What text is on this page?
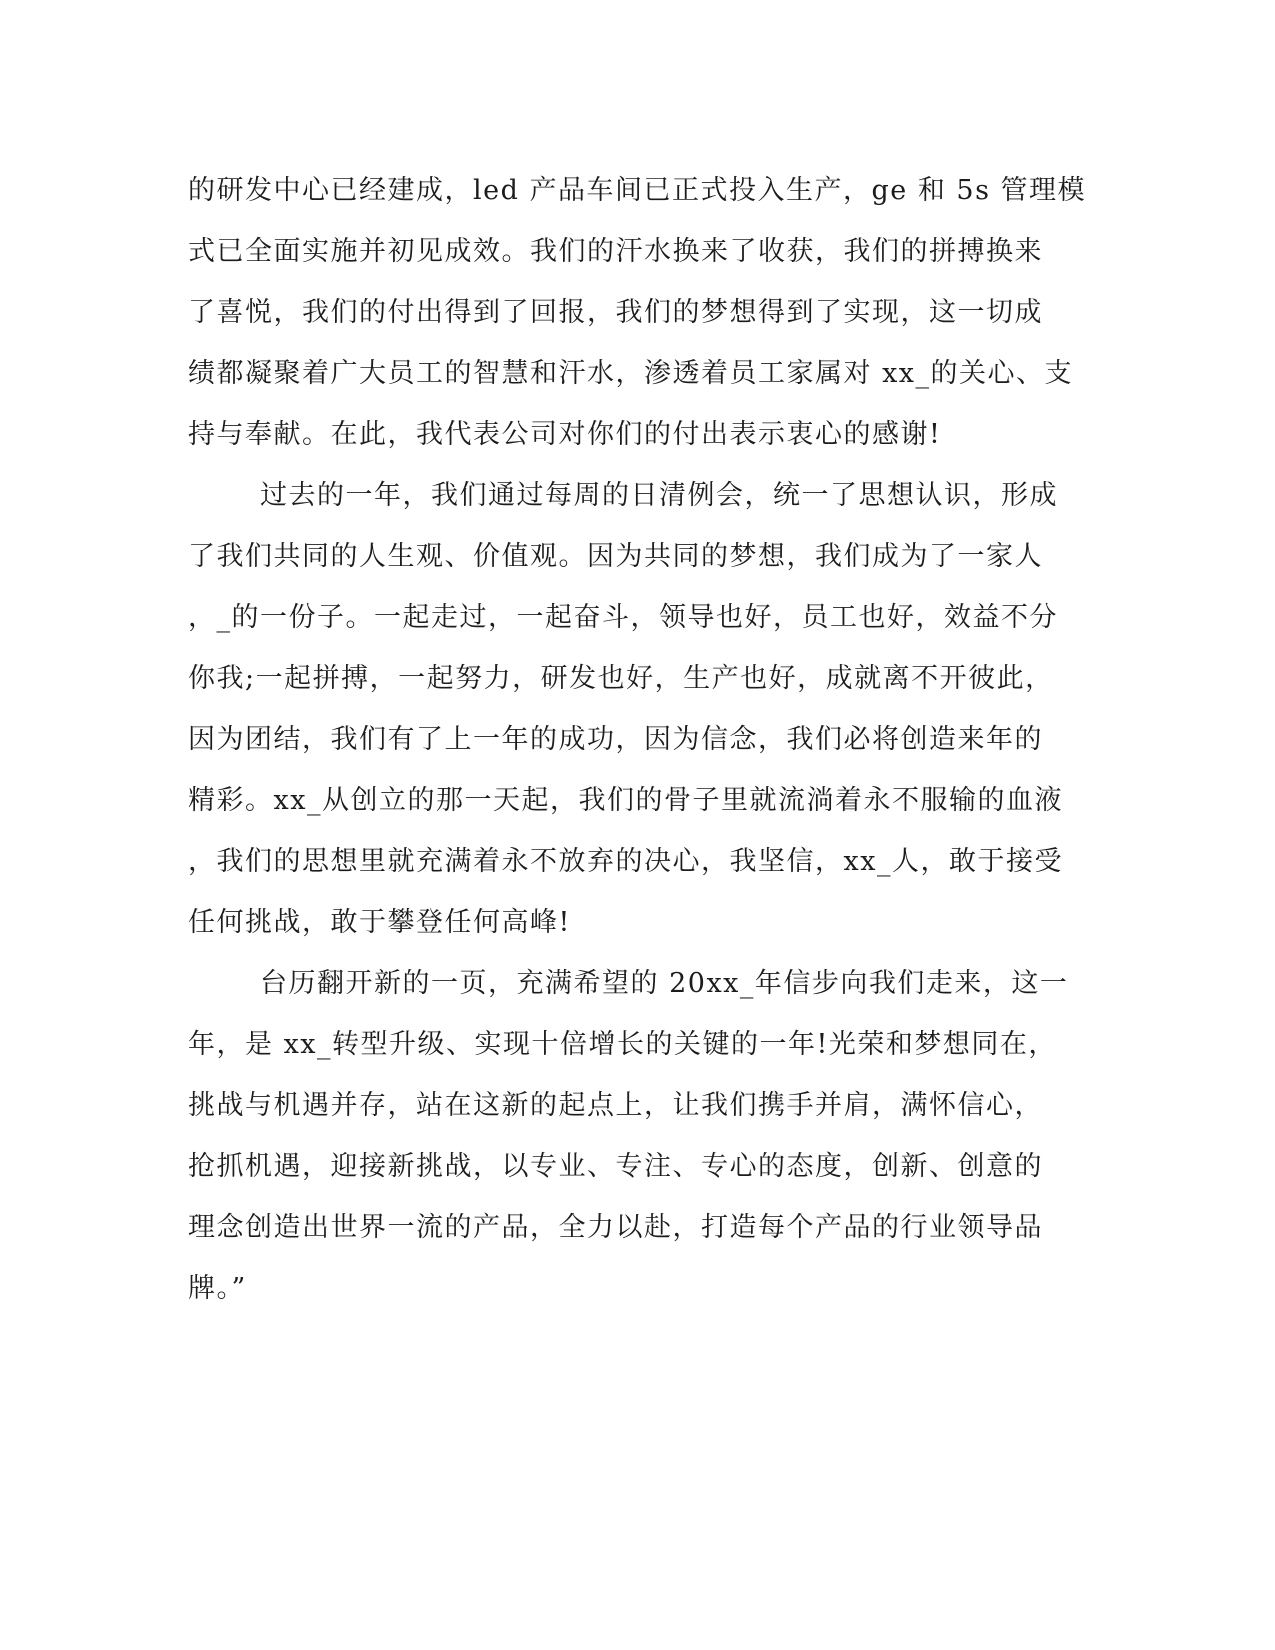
的研发中心已经建成，led 产品车间已正式投入生产，ge 和 5s 管理模
式已全面实施并初见成效。我们的汗水换来了收获，我们的拼搏换来
了喜悦，我们的付出得到了回报，我们的梦想得到了实现，这一切成
绩都凝聚着广大员工的智慧和汗水，渗透着员工家属对 xx_的关心、支
持与奉献。在此，我代表公司对你们的付出表示衷心的感谢!
过去的一年，我们通过每周的日清例会，统一了思想认识，形成
了我们共同的人生观、价值观。因为共同的梦想，我们成为了一家人
，_的一份子。一起走过，一起奋斗，领导也好，员工也好，效益不分
你我;一起拼搏，一起努力，研发也好，生产也好，成就离不开彼此，
因为团结，我们有了上一年的成功，因为信念，我们必将创造来年的
精彩。xx_从创立的那一天起，我们的骨子里就流淌着永不服输的血液
，我们的思想里就充满着永不放弃的决心，我坚信，xx_人，敢于接受
任何挑战，敢于攀登任何高峰!
台历翻开新的一页，充满希望的 20xx_年信步向我们走来，这一
年，是 xx_转型升级、实现十倍增长的关键的一年!光荣和梦想同在，
挑战与机遇并存，站在这新的起点上，让我们携手并肩，满怀信心，
抢抓机遇，迎接新挑战，以专业、专注、专心的态度，创新、创意的
理念创造出世界一流的产品，全力以赴，打造每个产品的行业领导品
牌。”
